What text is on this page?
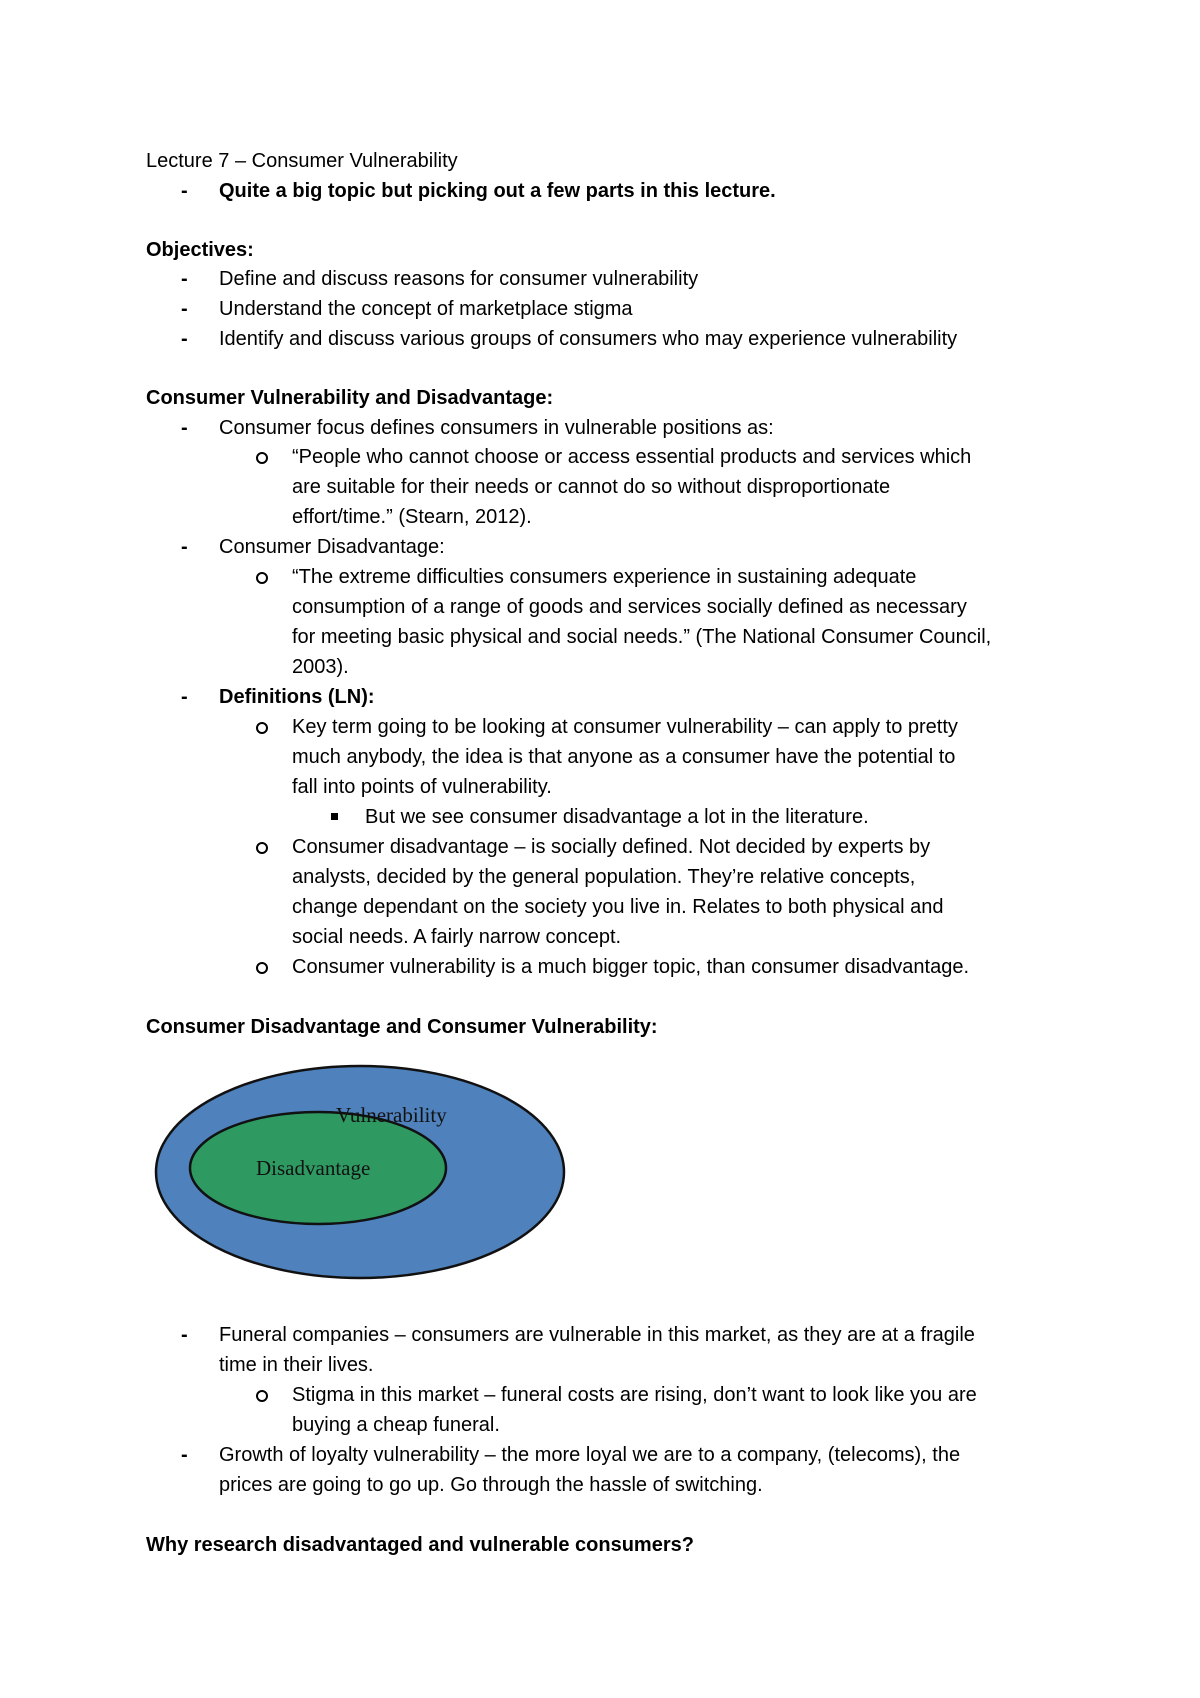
Lecture 7 – Consumer Vulnerability
- Quite a big topic but picking out a few parts in this lecture.
Objectives:
- Define and discuss reasons for consumer vulnerability
- Understand the concept of marketplace stigma
- Identify and discuss various groups of consumers who may experience vulnerability
Consumer Vulnerability and Disadvantage:
- Consumer focus defines consumers in vulnerable positions as:
“People who cannot choose or access essential products and services which
are suitable for their needs or cannot do so without disproportionate
effort/time.” (Stearn, 2012).
- Consumer Disadvantage:
“The extreme difficulties consumers experience in sustaining adequate
consumption of a range of goods and services socially defined as necessary
for meeting basic physical and social needs.” (The National Consumer Council,
2003).
- Definitions (LN):
Key term going to be looking at consumer vulnerability – can apply to pretty
much anybody, the idea is that anyone as a consumer have the potential to
fall into points of vulnerability.
But we see consumer disadvantage a lot in the literature.
Consumer disadvantage – is socially defined. Not decided by experts by
analysts, decided by the general population. They’re relative concepts,
change dependant on the society you live in. Relates to both physical and
social needs. A fairly narrow concept.
Consumer vulnerability is a much bigger topic, than consumer disadvantage.
Consumer Disadvantage and Consumer Vulnerability:
Vulnerability
Disadvantage
- Funeral companies – consumers are vulnerable in this market, as they are at a fragile
time in their lives.
Stigma in this market – funeral costs are rising, don’t want to look like you are
buying a cheap funeral.
- Growth of loyalty vulnerability – the more loyal we are to a company, (telecoms), the
prices are going to go up. Go through the hassle of switching.
Why research disadvantaged and vulnerable consumers?
